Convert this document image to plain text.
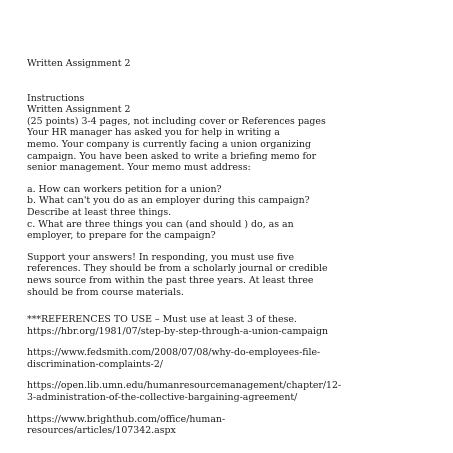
Written Assignment 2
Instructions
Written Assignment 2
(25 points) 3-4 pages, not including cover or References pages
Your HR manager has asked you for help in writing a
memo. Your company is currently facing a union organizing
campaign. You have been asked to write a briefing memo for
senior management. Your memo must address:
a. How can workers petition for a union?
b. What can't you do as an employer during this campaign?
Describe at least three things.
c. What are three things you can (and should ) do, as an
employer, to prepare for the campaign?
Support your answers! In responding, you must use five
references. They should be from a scholarly journal or credible
news source from within the past three years. At least three
should be from course materials.
***REFERENCES TO USE – Must use at least 3 of these.
https://hbr.org/1981/07/step-by-step-through-a-union-campaign
https://www.fedsmith.com/2008/07/08/why-do-employees-file-
discrimination-complaints-2/
https://open.lib.umn.edu/humanresourcemanagement/chapter/12-
3-administration-of-the-collective-bargaining-agreement/
https://www.brighthub.com/office/human-
resources/articles/107342.aspx
